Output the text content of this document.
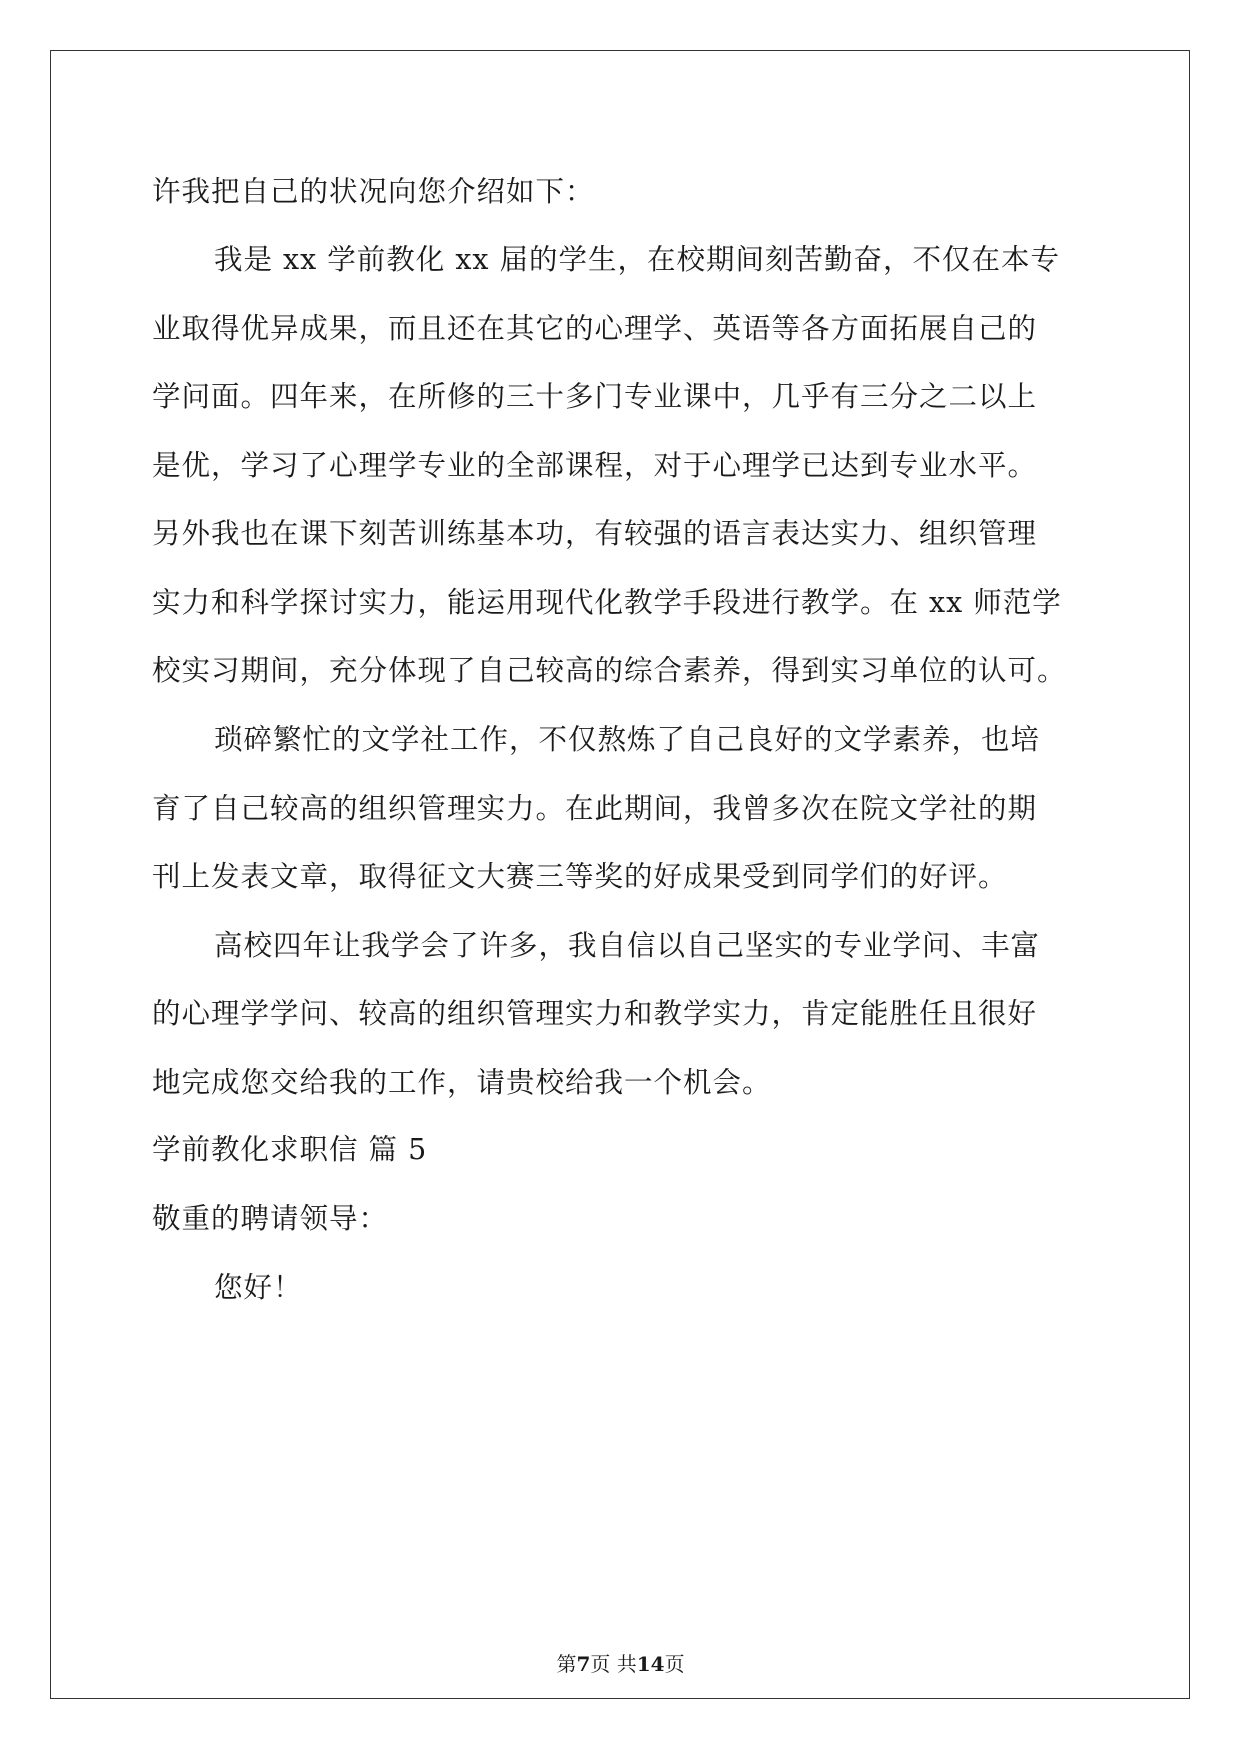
许我把自己的状况向您介绍如下：
我是 xx 学前教化 xx 届的学生，在校期间刻苦勤奋，不仅在本专
业取得优异成果，而且还在其它的心理学、英语等各方面拓展自己的
学问面。四年来，在所修的三十多门专业课中，几乎有三分之二以上
是优，学习了心理学专业的全部课程，对于心理学已达到专业水平。
另外我也在课下刻苦训练基本功，有较强的语言表达实力、组织管理
实力和科学探讨实力，能运用现代化教学手段进行教学。在 xx 师范学
校实习期间，充分体现了自己较高的综合素养，得到实习单位的认可。
琐碎繁忙的文学社工作，不仅熬炼了自己良好的文学素养，也培
育了自己较高的组织管理实力。在此期间，我曾多次在院文学社的期
刊上发表文章，取得征文大赛三等奖的好成果受到同学们的好评。
高校四年让我学会了许多，我自信以自己坚实的专业学问、丰富
的心理学学问、较高的组织管理实力和教学实力，肯定能胜任且很好
地完成您交给我的工作，请贵校给我一个机会。
学前教化求职信 篇 5
敬重的聘请领导：
您好！
第7页 共14页
